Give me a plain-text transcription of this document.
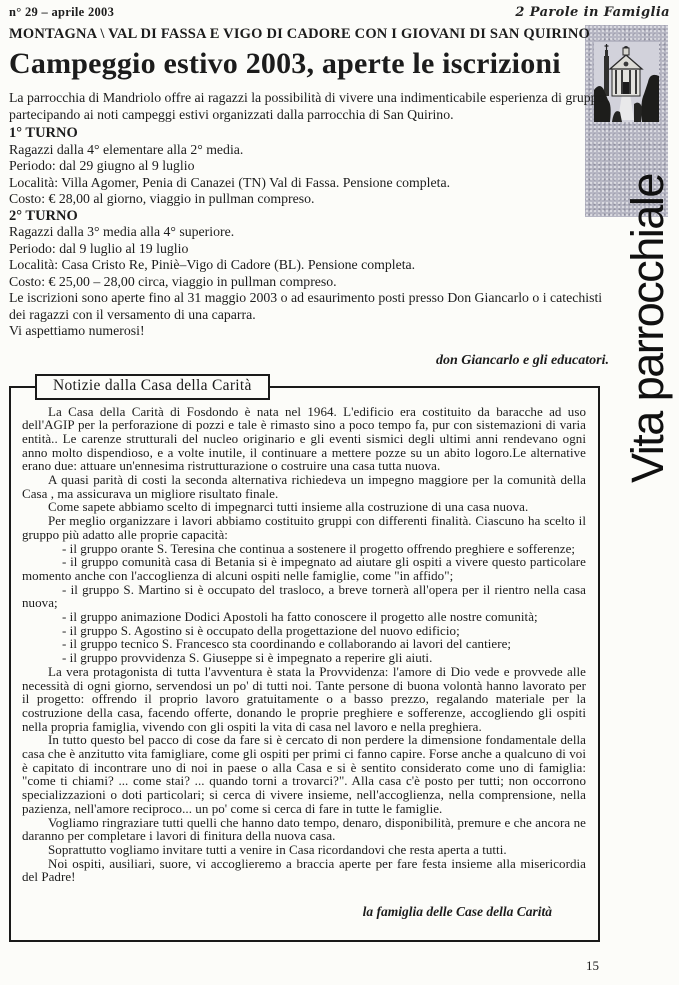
n° 29 – aprile 2003	2 Parole in Famiglia
Vita parrocchiale
MONTAGNA \ VAL DI FASSA E VIGO DI CADORE CON I GIOVANI DI SAN QUIRINO
Campeggio estivo 2003, aperte le iscrizioni

La parrocchia di Mandriolo offre ai ragazzi la possibilità di vivere una indimenticabile esperienza di gruppo partecipando ai noti campeggi estivi organizzati dalla parrocchia di San Quirino.

1° TURNO

Ragazzi dalla 4° elementare alla 2° media.

Periodo: dal 29 giugno al 9 luglio

Località: Villa Agomer, Penia di Canazei (TN) Val di Fassa. Pensione completa.

Costo: € 28,00 al giorno, viaggio in pullman compreso.

2° TURNO

Ragazzi dalla 3° media alla 4° superiore.

Periodo: dal 9 luglio al 19 luglio

Località: Casa Cristo Re, Piniè–Vigo di Cadore (BL). Pensione completa.

Costo: € 25,00 – 28,00 circa, viaggio in pullman compreso.

Le iscrizioni sono aperte fino al 31 maggio 2003 o ad esaurimento posti presso Don Giancarlo o i catechisti dei ragazzi con il versamento di una caparra.

Vi aspettiamo numerosi!

don Giancarlo e gli educatori.

Notizie dalla Casa della Carità

La Casa della Carità di Fosdondo è nata nel 1964. L'edificio era costituito da baracche ad uso dell'AGIP per la perforazione di pozzi e tale è rimasto sino a poco tempo fa, pur con sistemazioni di varia entità.. Le carenze strutturali del nucleo originario e gli eventi sismici degli ultimi anni rendevano ogni anno molto dispendioso, e a volte inutile, il continuare a mettere pozze su un abito logoro.Le alternative erano due: attuare un'ennesima ristrutturazione o costruire una casa tutta nuova.

A quasi parità di costi la seconda alternativa richiedeva un impegno maggiore per la comunità della Casa , ma assicurava un migliore risultato finale.

Come sapete abbiamo scelto di impegnarci tutti insieme alla costruzione di una casa nuova.

Per meglio organizzare i lavori abbiamo costituito gruppi con differenti finalità. Ciascuno ha scelto il gruppo più adatto alle proprie capacità:

- il gruppo orante S. Teresina che continua a sostenere il progetto offrendo preghiere e sofferenze;

- il gruppo comunità casa di Betania si è impegnato ad aiutare gli ospiti a vivere questo particolare momento anche con l'accoglienza di alcuni ospiti nelle famiglie, come "in affido";

- il gruppo S. Martino si è occupato del trasloco, a breve tornerà all'opera per il rientro nella casa nuova;

- il gruppo animazione Dodici Apostoli ha fatto conoscere il progetto alle nostre comunità;

- il gruppo S. Agostino si è occupato della progettazione del nuovo edificio;

- il gruppo tecnico S. Francesco sta coordinando e collaborando ai lavori del cantiere;

- il gruppo provvidenza S. Giuseppe si è impegnato a reperire gli aiuti.

La vera protagonista di tutta l'avventura è stata la Provvidenza: l'amore di Dio vede e provvede alle necessità di ogni giorno, servendosi un po' di tutti noi. Tante persone di buona volontà hanno lavorato per il progetto: offrendo il proprio lavoro gratuitamente o a basso prezzo, regalando materiale per la costruzione della casa, facendo offerte, donando le proprie preghiere e sofferenze, accogliendo gli ospiti nella propria famiglia, vivendo con gli ospiti la vita di casa nel lavoro e nella preghiera.

In tutto questo bel pacco di cose da fare si è cercato di non perdere la dimensione fondamentale della casa che è anzitutto vita famigliare, come gli ospiti per primi ci fanno capire. Forse anche a qualcuno di voi è capitato di incontrare uno di noi in paese o alla Casa e si è sentito considerato come uno di famiglia: "come ti chiami? ... come stai? ... quando torni a trovarci?". Alla casa c'è posto per tutti; non occorrono specializzazioni o doti particolari; si cerca di vivere insieme, nell'accoglienza, nella comprensione, nella pazienza, nell'amore reciproco... un po' come si cerca di fare in tutte le famiglie.

Vogliamo ringraziare tutti quelli che hanno dato tempo, denaro, disponibilità, premure e che ancora ne daranno per completare i lavori di finitura della nuova casa.

Soprattutto vogliamo invitare tutti a venire in Casa ricordandovi che resta aperta a tutti.

Noi ospiti, ausiliari, suore, vi accoglieremo a braccia aperte per fare festa insieme alla misericordia del Padre!

la famiglia delle Case della Carità

15
